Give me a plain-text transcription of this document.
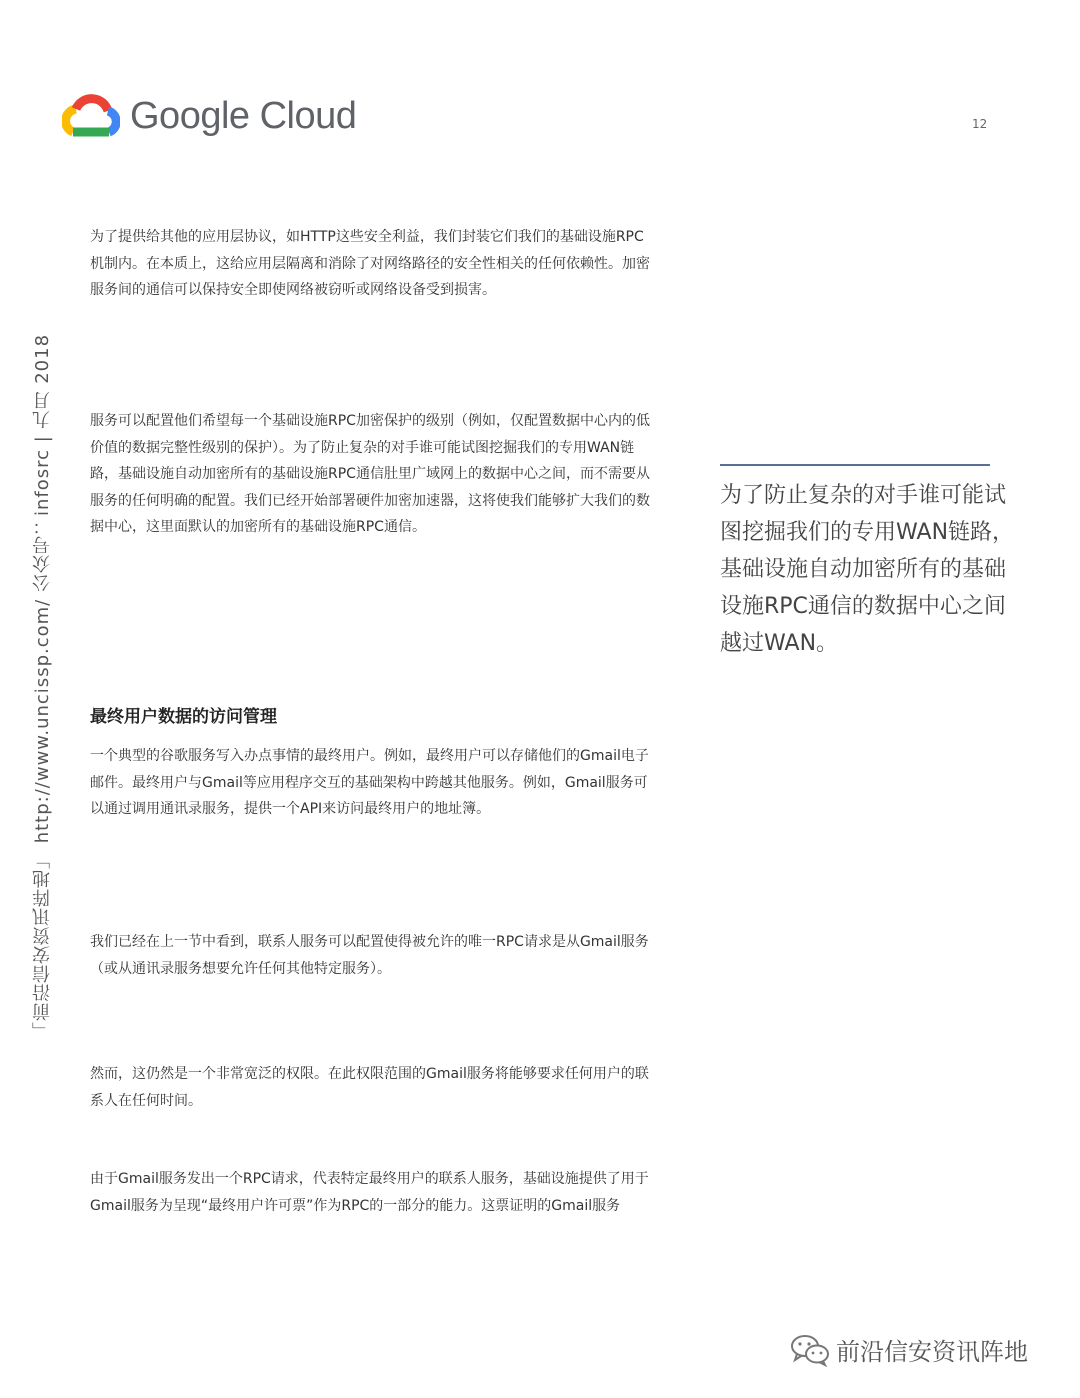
Google Cloud	12
「前沿信安资讯阵地」 http://www.uncissp.com/ 公众号：infosrc | 九月 2018

为了提供给其他的应用层协议，如HTTP这些安全利益，我们封装它们我们的基础设施RPC机制内。在本质上，这给应用层隔离和消除了对网络路径的安全性相关的任何依赖性。加密服务间的通信可以保持安全即使网络被窃听或网络设备受到损害。

服务可以配置他们希望每一个基础设施RPC加密保护的级别（例如，仅配置数据中心内的低价值的数据完整性级别的保护）。为了防止复杂的对手谁可能试图挖掘我们的专用WAN链路，基础设施自动加密所有的基础设施RPC通信肚里广域网上的数据中心之间，而不需要从服务的任何明确的配置。我们已经开始部署硬件加密加速器，这将使我们能够扩大我们的数据中心，这里面默认的加密所有的基础设施RPC通信。

最终用户数据的访问管理

一个典型的谷歌服务写入办点事情的最终用户。例如，最终用户可以存储他们的Gmail电子邮件。最终用户与Gmail等应用程序交互的基础架构中跨越其他服务。例如，Gmail服务可以通过调用通讯录服务，提供一个API来访问最终用户的地址簿。

我们已经在上一节中看到，联系人服务可以配置使得被允许的唯一RPC请求是从Gmail服务（或从通讯录服务想要允许任何其他特定服务）。

然而，这仍然是一个非常宽泛的权限。在此权限范围的Gmail服务将能够要求任何用户的联系人在任何时间。

由于Gmail服务发出一个RPC请求，代表特定最终用户的联系人服务，基础设施提供了用于Gmail服务为呈现“最终用户许可票”作为RPC的一部分的能力。这票证明的Gmail服务

为了防止复杂的对手谁可能试图挖掘我们的专用WAN链路，基础设施自动加密所有的基础设施RPC通信的数据中心之间越过WAN。

前沿信安资讯阵地
